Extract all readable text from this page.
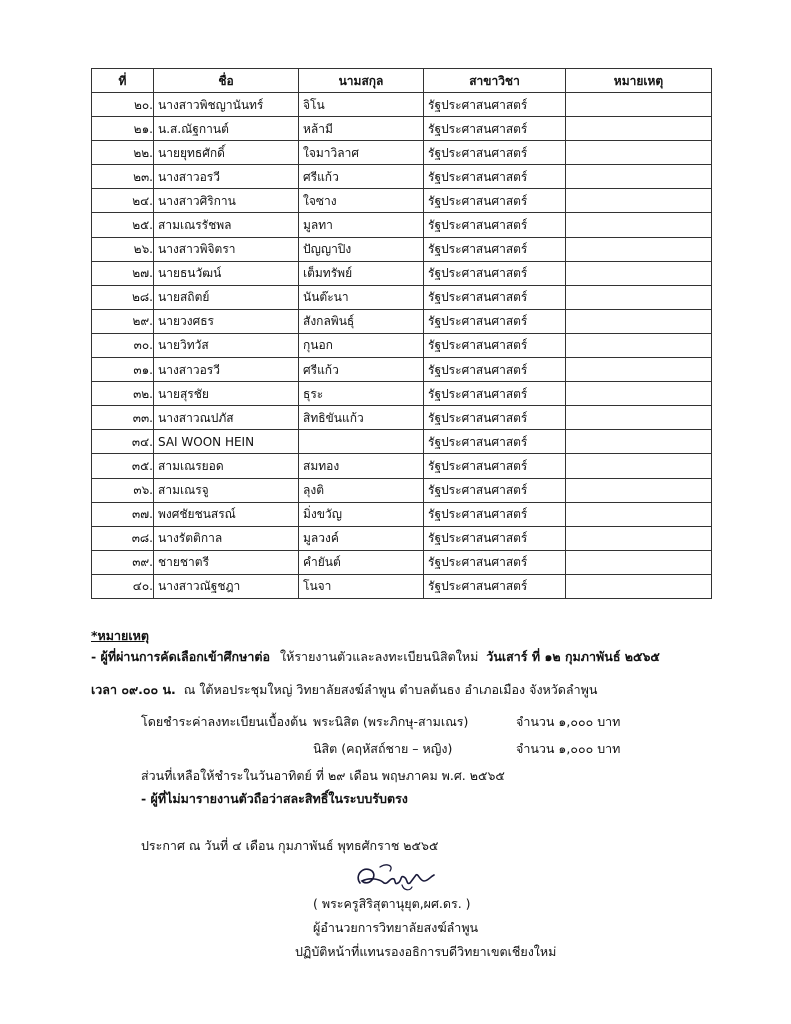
ที่	ชื่อ	นามสกุล	สาขาวิชา	หมายเหตุ
๒๐.	นางสาวพิชญานันทร์	จิโน	รัฐประศาสนศาสตร์	
๒๑.	น.ส.ณัฐกานต์	หล้ามี	รัฐประศาสนศาสตร์	
๒๒.	นายยุทธศักดิ์	ใจมาวิลาศ	รัฐประศาสนศาสตร์	
๒๓.	นางสาวอรวี	ศรีแก้ว	รัฐประศาสนศาสตร์	
๒๔.	นางสาวศิริกาน	ใจซาง	รัฐประศาสนศาสตร์	
๒๕.	สามเณรรัชพล	มูลทา	รัฐประศาสนศาสตร์	
๒๖.	นางสาวพิจิตรา	ปัญญาปิง	รัฐประศาสนศาสตร์	
๒๗.	นายธนวัฒน์	เต็มทรัพย์	รัฐประศาสนศาสตร์	
๒๘.	นายสถิตย์	นันต๊ะนา	รัฐประศาสนศาสตร์	
๒๙.	นายวงศธร	สังกลพินธุ์	รัฐประศาสนศาสตร์	
๓๐.	นายวิทวัส	กุนอก	รัฐประศาสนศาสตร์	
๓๑.	นางสาวอรวี	ศรีแก้ว	รัฐประศาสนศาสตร์	
๓๒.	นายสุรชัย	ธุระ	รัฐประศาสนศาสตร์	
๓๓.	นางสาวณปภัส	สิทธิขันแก้ว	รัฐประศาสนศาสตร์	
๓๔.	SAI WOON HEIN		รัฐประศาสนศาสตร์	
๓๕.	สามเณรยอด	สมทอง	รัฐประศาสนศาสตร์	
๓๖.	สามเณรจู	ลุงติ	รัฐประศาสนศาสตร์	
๓๗.	พงศชัยชนสรณ์	มิ่งขวัญ	รัฐประศาสนศาสตร์	
๓๘.	นางรัตติกาล	มูลวงค์	รัฐประศาสนศาสตร์	
๓๙.	ชายชาตรี	คำยันต์	รัฐประศาสนศาสตร์	
๔๐.	นางสาวณัฐชฎา	โนจา	รัฐประศาสนศาสตร์	
*หมายเหตุ
- ผู้ที่ผ่านการคัดเลือกเข้าศึกษาต่อ ให้รายงานตัวและลงทะเบียนนิสิตใหม่ วันเสาร์ ที่ ๑๒ กุมภาพันธ์ ๒๕๖๕
เวลา ๐๙.๐๐ น. ณ ใต้หอประชุมใหญ่ วิทยาลัยสงฆ์ลำพูน ตำบลต้นธง อำเภอเมือง จังหวัดลำพูน
โดยชำระค่าลงทะเบียนเบื้องต้น พระนิสิต (พระภิกษุ-สามเณร)	จำนวน ๑,๐๐๐ บาท
นิสิต (คฤหัสถ์ชาย – หญิง)	จำนวน ๑,๐๐๐ บาท
ส่วนที่เหลือให้ชำระในวันอาทิตย์ ที่ ๒๙ เดือน พฤษภาคม พ.ศ. ๒๕๖๕
- ผู้ที่ไม่มารายงานตัวถือว่าสละสิทธิ์ในระบบรับตรง
ประกาศ ณ วันที่ ๔ เดือน กุมภาพันธ์ พุทธศักราช ๒๕๖๕
( พระครูสิริสุตานุยุต,ผศ.ดร. )
ผู้อำนวยการวิทยาลัยสงฆ์ลำพูน
ปฏิบัติหน้าที่แทนรองอธิการบดีวิทยาเขตเชียงใหม่
